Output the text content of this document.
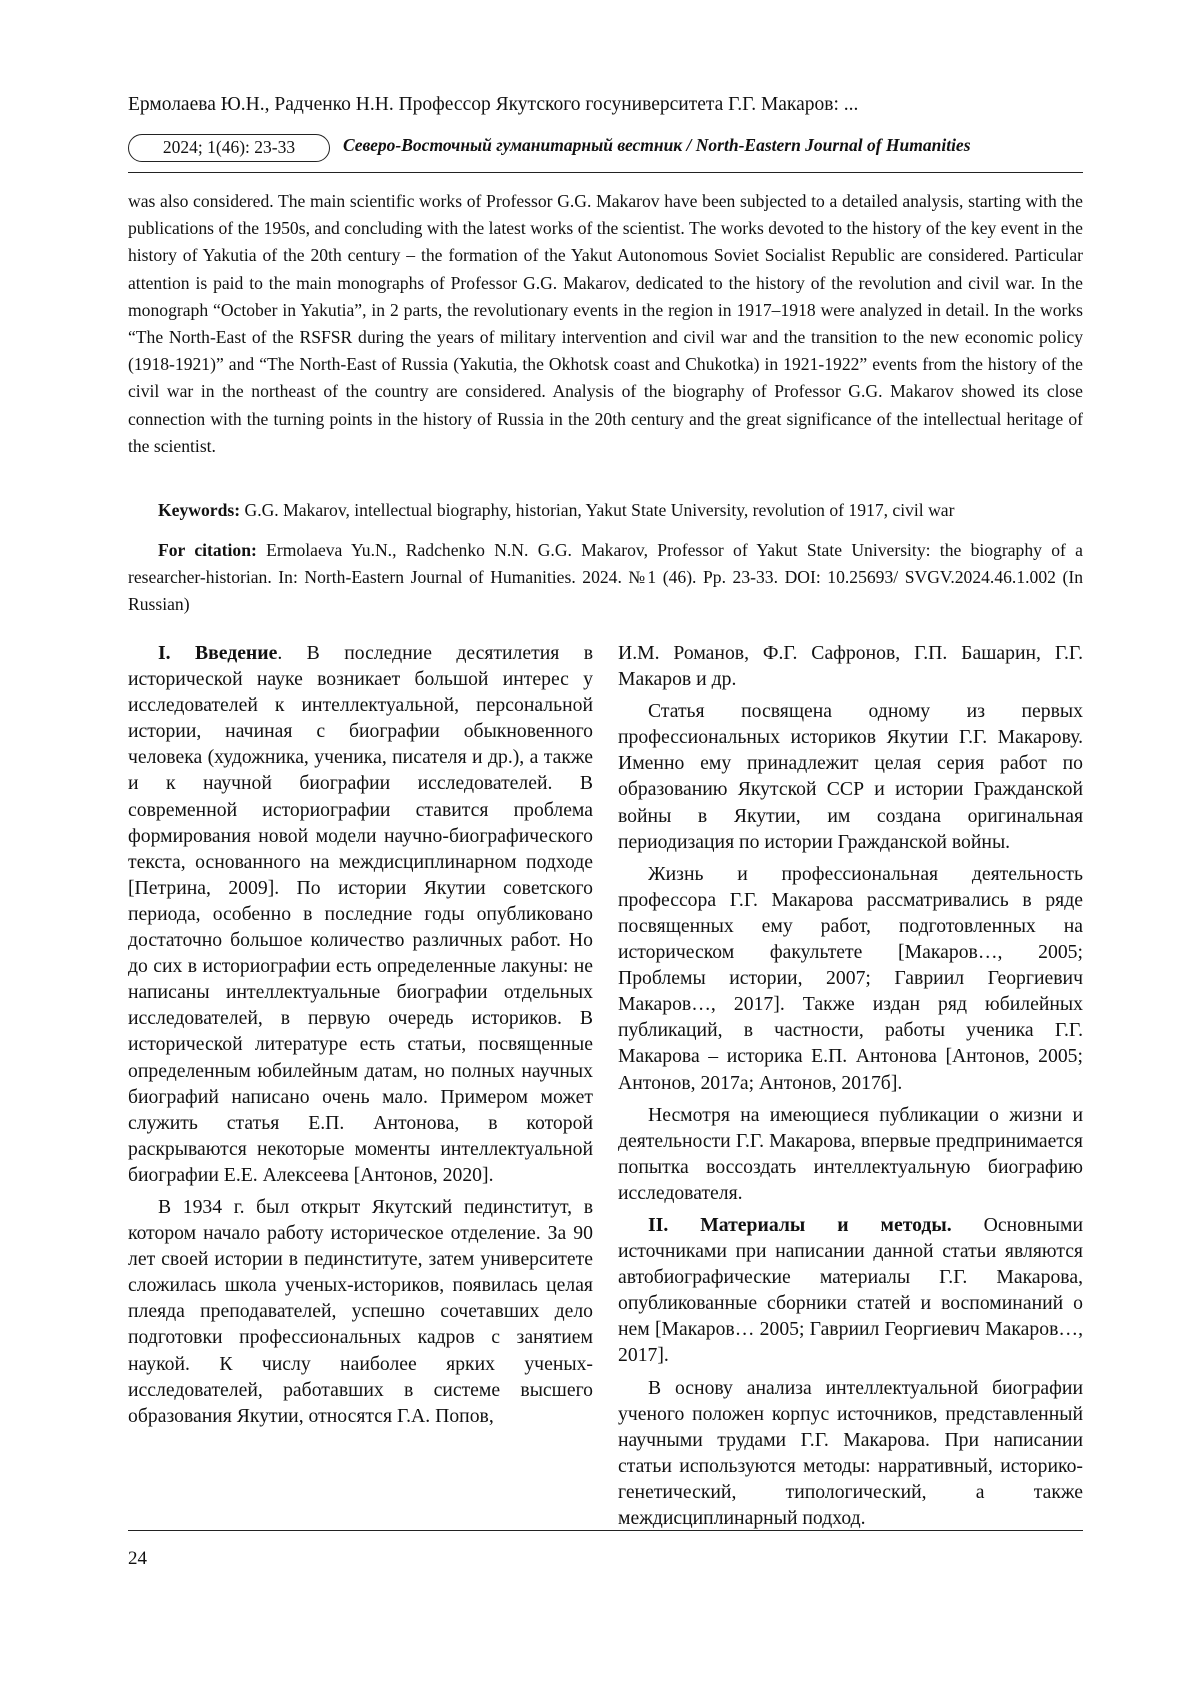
Ермолаева Ю.Н., Радченко Н.Н. Профессор Якутского госуниверситета Г.Г. Макаров: ...
2024; 1(46): 23-33	Северо-Восточный гуманитарный вестник / North-Eastern Journal of Humanities

was also considered. The main scientific works of Professor G.G. Makarov have been subjected to a detailed analysis, starting with the publications of the 1950s, and concluding with the latest works of the scientist. The works devoted to the history of the key event in the history of Yakutia of the 20th century – the formation of the Yakut Autonomous Soviet Socialist Republic are considered. Particular attention is paid to the main monographs of Professor G.G. Makarov, dedicated to the history of the revolution and civil war. In the monograph “October in Yakutia”, in 2 parts, the revolutionary events in the region in 1917–1918 were analyzed in detail. In the works “The North-East of the RSFSR during the years of military intervention and civil war and the transition to the new economic policy (1918-1921)” and “The North-East of Russia (Yakutia, the Okhotsk coast and Chukotka) in 1921-1922” events from the history of the civil war in the northeast of the country are considered. Analysis of the biography of Professor G.G. Makarov showed its close connection with the turning points in the history of Russia in the 20th century and the great significance of the intellectual heritage of the scientist.

Keywords: G.G. Makarov, intellectual biography, historian, Yakut State University, revolution of 1917, civil war
For citation: Ermolaeva Yu.N., Radchenko N.N. G.G. Makarov, Professor of Yakut State University: the biography of a researcher-historian. In: North-Eastern Journal of Humanities. 2024. №1 (46). Pp. 23-33. DOI: 10.25693/ SVGV.2024.46.1.002 (In Russian)

I. Введение. В последние десятилетия в исторической науке возникает большой интерес у исследователей к интеллектуальной, персональной истории, начиная с биографии обыкновенного человека (художника, ученика, писателя и др.), а также и к научной биографии исследователей. В современной историографии ставится проблема формирования новой модели научно-биографического текста, основанного на междисциплинарном подходе [Петрина, 2009]. По истории Якутии советского периода, особенно в последние годы опубликовано достаточно большое количество различных работ. Но до сих в историографии есть определенные лакуны: не написаны интеллектуальные биографии отдельных исследователей, в первую очередь историков. В исторической литературе есть статьи, посвященные определенным юбилейным датам, но полных научных биографий написано очень мало. Примером может служить статья Е.П. Антонова, в которой раскрываются некоторые моменты интеллектуальной биографии Е.Е. Алексеева [Антонов, 2020].

В 1934 г. был открыт Якутский пединститут, в котором начало работу историческое отделение. За 90 лет своей истории в пединституте, затем университете сложилась школа ученых-историков, появилась целая плеяда преподавателей, успешно сочетавших дело подготовки профессиональных кадров с занятием наукой. К числу наиболее ярких ученых-исследователей, работавших в системе высшего образования Якутии, относятся Г.А. Попов,

И.М. Романов, Ф.Г. Сафронов, Г.П. Башарин, Г.Г. Макаров и др.

Статья посвящена одному из первых профессиональных историков Якутии Г.Г. Макарову. Именно ему принадлежит целая серия работ по образованию Якутской ССР и истории Гражданской войны в Якутии, им создана оригинальная периодизация по истории Гражданской войны.

Жизнь и профессиональная деятельность профессора Г.Г. Макарова рассматривались в ряде посвященных ему работ, подготовленных на историческом факультете [Макаров…, 2005; Проблемы истории, 2007; Гавриил Георгиевич Макаров…, 2017]. Также издан ряд юбилейных публикаций, в частности, работы ученика Г.Г. Макарова – историка Е.П. Антонова [Антонов, 2005; Антонов, 2017а; Антонов, 2017б].

Несмотря на имеющиеся публикации о жизни и деятельности Г.Г. Макарова, впервые предпринимается попытка воссоздать интеллектуальную биографию исследователя.

II. Материалы и методы. Основными источниками при написании данной статьи являются автобиографические материалы Г.Г. Макарова, опубликованные сборники статей и воспоминаний о нем [Макаров… 2005; Гавриил Георгиевич Макаров…, 2017].

В основу анализа интеллектуальной биографии ученого положен корпус источников, представленный научными трудами Г.Г. Макарова. При написании статьи используются методы: нарративный, историко-генетический, типологический, а также междисциплинарный подход.

24
